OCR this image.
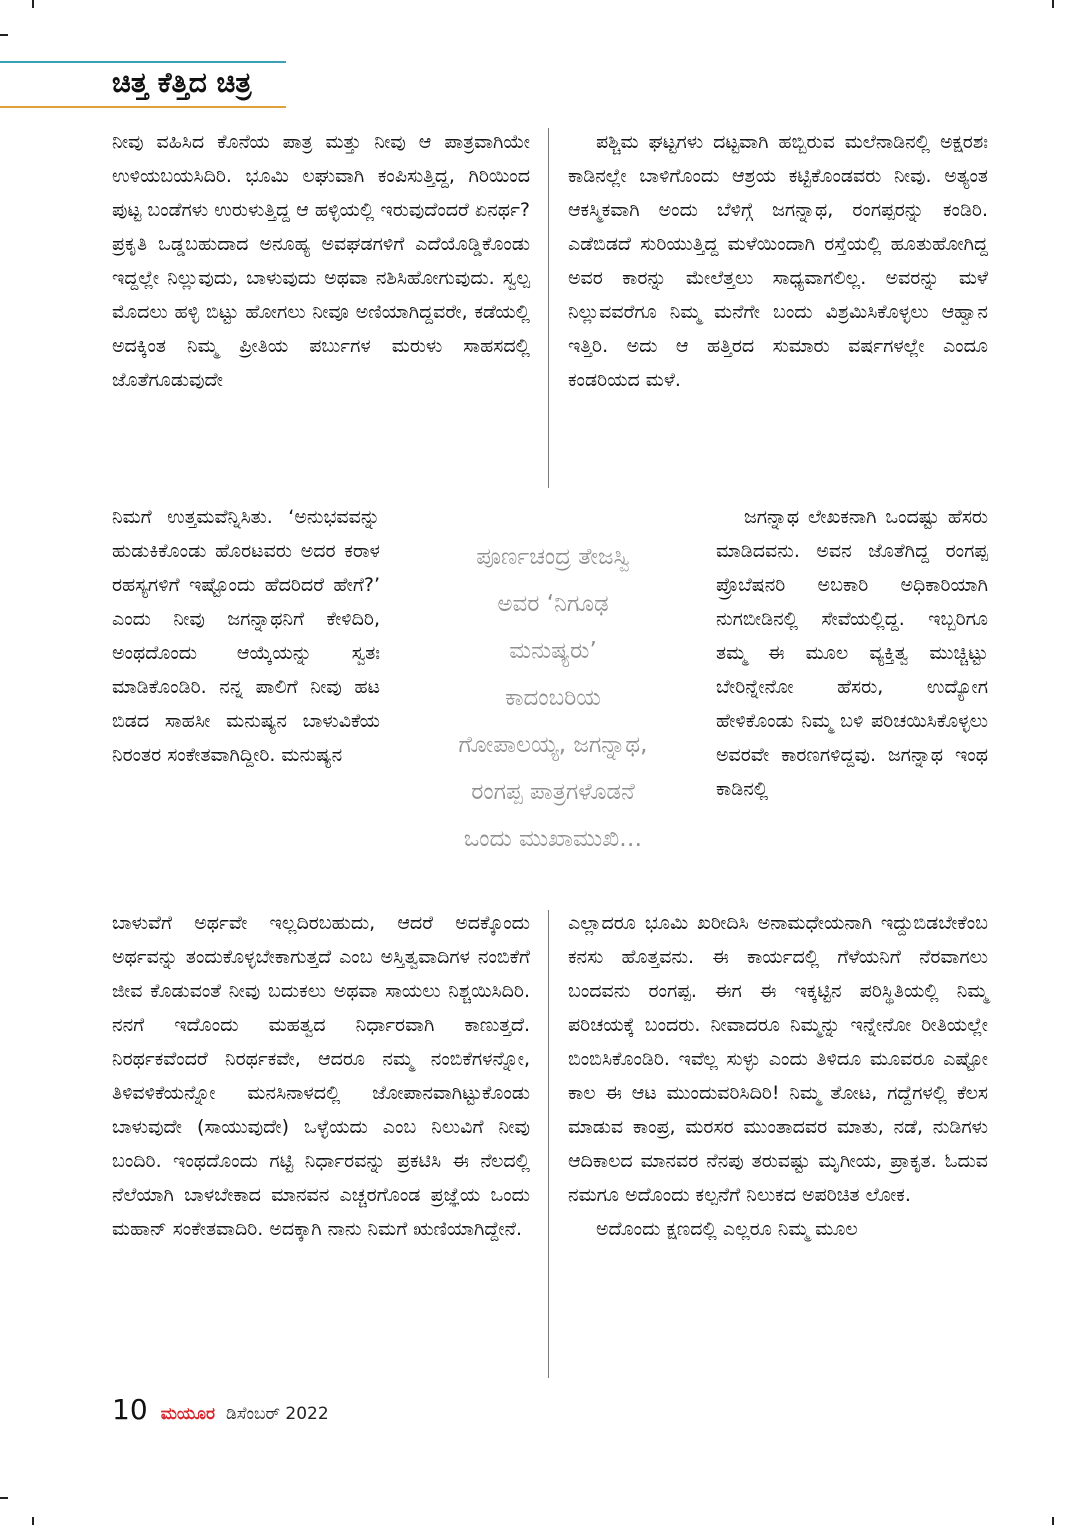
ಚಿತ್ತ ಕೆತ್ತಿದ ಚಿತ್ರ

ನೀವು ವಹಿಸಿದ ಕೊನೆಯ ಪಾತ್ರ ಮತ್ತು ನೀವು ಆ ಪಾತ್ರವಾಗಿಯೇ ಉಳಿಯಬಯಸಿದಿರಿ. ಭೂಮಿ ಲಘುವಾಗಿ ಕಂಪಿಸುತ್ತಿದ್ದ, ಗಿರಿಯಿಂದ ಪುಟ್ಟ ಬಂಡೆಗಳು ಉರುಳುತ್ತಿದ್ದ ಆ ಹಳ್ಳಿಯಲ್ಲಿ ಇರುವುದೆಂದರೆ ಏನರ್ಥ? ಪ್ರಕೃತಿ ಒಡ್ಡಬಹುದಾದ ಅನೂಹ್ಯ ಅವಘಡಗಳಿಗೆ ಎದೆಯೊಡ್ಡಿಕೊಂಡು ಇದ್ದಲ್ಲೇ ನಿಲ್ಲುವುದು, ಬಾಳುವುದು ಅಥವಾ ನಶಿಸಿಹೋಗುವುದು. ಸ್ವಲ್ಪ ಮೊದಲು ಹಳ್ಳಿ ಬಿಟ್ಟು ಹೋಗಲು ನೀವೂ ಅಣಿಯಾಗಿದ್ದವರೇ, ಕಡೆಯಲ್ಲಿ ಅದಕ್ಕಿಂತ ನಿಮ್ಮ ಪ್ರೀತಿಯ ಪರ್ಬುಗಳ ಮರುಳು ಸಾಹಸದಲ್ಲಿ ಜೊತೆಗೂಡುವುದೇ

ನಿಮಗೆ ಉತ್ತಮವೆನ್ನಿಸಿತು. ‘ಅನುಭವವನ್ನು ಹುಡುಕಿಕೊಂಡು ಹೊರಟವರು ಅದರ ಕರಾಳ ರಹಸ್ಯಗಳಿಗೆ ಇಷ್ಟೊಂದು ಹೆದರಿದರೆ ಹೇಗೆ?’ ಎಂದು ನೀವು ಜಗನ್ನಾಥನಿಗೆ ಕೇಳಿದಿರಿ, ಅಂಥದೊಂದು ಆಯ್ಕೆಯನ್ನು ಸ್ವತಃ ಮಾಡಿಕೊಂಡಿರಿ. ನನ್ನ ಪಾಲಿಗೆ ನೀವು ಹಟ ಬಿಡದ ಸಾಹಸೀ ಮನುಷ್ಯನ ಬಾಳುವಿಕೆಯ ನಿರಂತರ ಸಂಕೇತವಾಗಿದ್ದೀರಿ. ಮನುಷ್ಯನ

ಬಾಳುವೆಗೆ ಅರ್ಥವೇ ಇಲ್ಲದಿರಬಹುದು, ಆದರೆ ಅದಕ್ಕೊಂದು ಅರ್ಥವನ್ನು ತಂದುಕೊಳ್ಳಬೇಕಾಗುತ್ತದೆ ಎಂಬ ಅಸ್ತಿತ್ವವಾದಿಗಳ ನಂಬಿಕೆಗೆ ಜೀವ ಕೊಡುವಂತೆ ನೀವು ಬದುಕಲು ಅಥವಾ ಸಾಯಲು ನಿಶ್ಚಯಿಸಿದಿರಿ. ನನಗೆ ಇದೊಂದು ಮಹತ್ವದ ನಿರ್ಧಾರವಾಗಿ ಕಾಣುತ್ತದೆ. ನಿರರ್ಥಕವೆಂದರೆ ನಿರರ್ಥಕವೇ, ಆದರೂ ನಮ್ಮ ನಂಬಿಕೆಗಳನ್ನೋ, ತಿಳಿವಳಿಕೆಯನ್ನೋ ಮನಸಿನಾಳದಲ್ಲಿ ಜೋಪಾನವಾಗಿಟ್ಟುಕೊಂಡು ಬಾಳುವುದೇ (ಸಾಯುವುದೇ) ಒಳ್ಳೆಯದು ಎಂಬ ನಿಲುವಿಗೆ ನೀವು ಬಂದಿರಿ. ಇಂಥದೊಂದು ಗಟ್ಟಿ ನಿರ್ಧಾರವನ್ನು ಪ್ರಕಟಿಸಿ ಈ ನೆಲದಲ್ಲಿ ನೆಲೆಯಾಗಿ ಬಾಳಬೇಕಾದ ಮಾನವನ ಎಚ್ಚರಗೊಂಡ ಪ್ರಜ್ಞೆಯ ಒಂದು ಮಹಾನ್ ಸಂಕೇತವಾದಿರಿ. ಅದಕ್ಕಾಗಿ ನಾನು ನಿಮಗೆ ಋಣಿಯಾಗಿದ್ದೇನೆ.

ಪಶ್ಚಿಮ ಘಟ್ಟಗಳು ದಟ್ಟವಾಗಿ ಹಬ್ಬಿರುವ ಮಲೆನಾಡಿನಲ್ಲಿ ಅಕ್ಷರಶಃ ಕಾಡಿನಲ್ಲೇ ಬಾಳಿಗೊಂದು ಆಶ್ರಯ ಕಟ್ಟಿಕೊಂಡವರು ನೀವು. ಅತ್ಯಂತ ಆಕಸ್ಮಿಕವಾಗಿ ಅಂದು ಬೆಳಿಗ್ಗೆ ಜಗನ್ನಾಥ, ರಂಗಪ್ಪರನ್ನು ಕಂಡಿರಿ. ಎಡೆಬಿಡದೆ ಸುರಿಯುತ್ತಿದ್ದ ಮಳೆಯಿಂದಾಗಿ ರಸ್ತೆಯಲ್ಲಿ ಹೂತುಹೋಗಿದ್ದ ಅವರ ಕಾರನ್ನು ಮೇಲೆತ್ತಲು ಸಾಧ್ಯವಾಗಲಿಲ್ಲ. ಅವರನ್ನು ಮಳೆ ನಿಲ್ಲುವವರೆಗೂ ನಿಮ್ಮ ಮನೆಗೇ ಬಂದು ವಿಶ್ರಮಿಸಿಕೊಳ್ಳಲು ಆಹ್ವಾನ ಇತ್ತಿರಿ. ಅದು ಆ ಹತ್ತಿರದ ಸುಮಾರು ವರ್ಷಗಳಲ್ಲೇ ಎಂದೂ ಕಂಡರಿಯದ ಮಳೆ.

ಜಗನ್ನಾಥ ಲೇಖಕನಾಗಿ ಒಂದಷ್ಟು ಹೆಸರು ಮಾಡಿದವನು. ಅವನ ಜೊತೆಗಿದ್ದ ರಂಗಪ್ಪ ಪ್ರೊಬೆಷನರಿ ಅಬಕಾರಿ ಅಧಿಕಾರಿಯಾಗಿ ನುಗಬೀಡಿನಲ್ಲಿ ಸೇವೆಯಲ್ಲಿದ್ದ. ಇಬ್ಬರಿಗೂ ತಮ್ಮ ಈ ಮೂಲ ವ್ಯಕ್ತಿತ್ವ ಮುಚ್ಚಿಟ್ಟು ಬೇರಿನ್ನೇನೋ ಹೆಸರು, ಉದ್ಯೋಗ ಹೇಳಿಕೊಂಡು ನಿಮ್ಮ ಬಳಿ ಪರಿಚಯಿಸಿಕೊಳ್ಳಲು ಅವರವೇ ಕಾರಣಗಳಿದ್ದವು. ಜಗನ್ನಾಥ ಇಂಥ ಕಾಡಿನಲ್ಲಿ

ಎಲ್ಲಾದರೂ ಭೂಮಿ ಖರೀದಿಸಿ ಅನಾಮಧೇಯನಾಗಿ ಇದ್ದುಬಿಡಬೇಕೆಂಬ ಕನಸು ಹೊತ್ತವನು. ಈ ಕಾರ್ಯದಲ್ಲಿ ಗೆಳೆಯನಿಗೆ ನೆರವಾಗಲು ಬಂದವನು ರಂಗಪ್ಪ. ಈಗ ಈ ಇಕ್ಕಟ್ಟಿನ ಪರಿಸ್ಥಿತಿಯಲ್ಲಿ ನಿಮ್ಮ ಪರಿಚಯಕ್ಕೆ ಬಂದರು. ನೀವಾದರೂ ನಿಮ್ಮನ್ನು ಇನ್ನೇನೋ ರೀತಿಯಲ್ಲೇ ಬಿಂಬಿಸಿಕೊಂಡಿರಿ. ಇವೆಲ್ಲ ಸುಳ್ಳು ಎಂದು ತಿಳಿದೂ ಮೂವರೂ ಎಷ್ಟೋ ಕಾಲ ಈ ಆಟ ಮುಂದುವರಿಸಿದಿರಿ! ನಿಮ್ಮ ತೋಟ, ಗದ್ದೆಗಳಲ್ಲಿ ಕೆಲಸ ಮಾಡುವ ಕಾಂಪ್ರ, ಮರಸರ ಮುಂತಾದವರ ಮಾತು, ನಡೆ, ನುಡಿಗಳು ಆದಿಕಾಲದ ಮಾನವರ ನೆನಪು ತರುವಷ್ಟು ಮೃಗೀಯ, ಪ್ರಾಕೃತ. ಓದುವ ನಮಗೂ ಅದೊಂದು ಕಲ್ಪನೆಗೆ ನಿಲುಕದ ಅಪರಿಚಿತ ಲೋಕ.

ಅದೊಂದು ಕ್ಷಣದಲ್ಲಿ ಎಲ್ಲರೂ ನಿಮ್ಮ ಮೂಲ

ಪೂರ್ಣಚಂದ್ರ ತೇಜಸ್ವಿ
ಅವರ ‘ನಿಗೂಢ
ಮನುಷ್ಯರು’
ಕಾದಂಬರಿಯ
ಗೋಪಾಲಯ್ಯ, ಜಗನ್ನಾಥ,
ರಂಗಪ್ಪ ಪಾತ್ರಗಳೊಡನೆ
ಒಂದು ಮುಖಾಮುಖಿ…
10 ಮಯೂರ ಡಿಸೆಂಬರ್ 2022
